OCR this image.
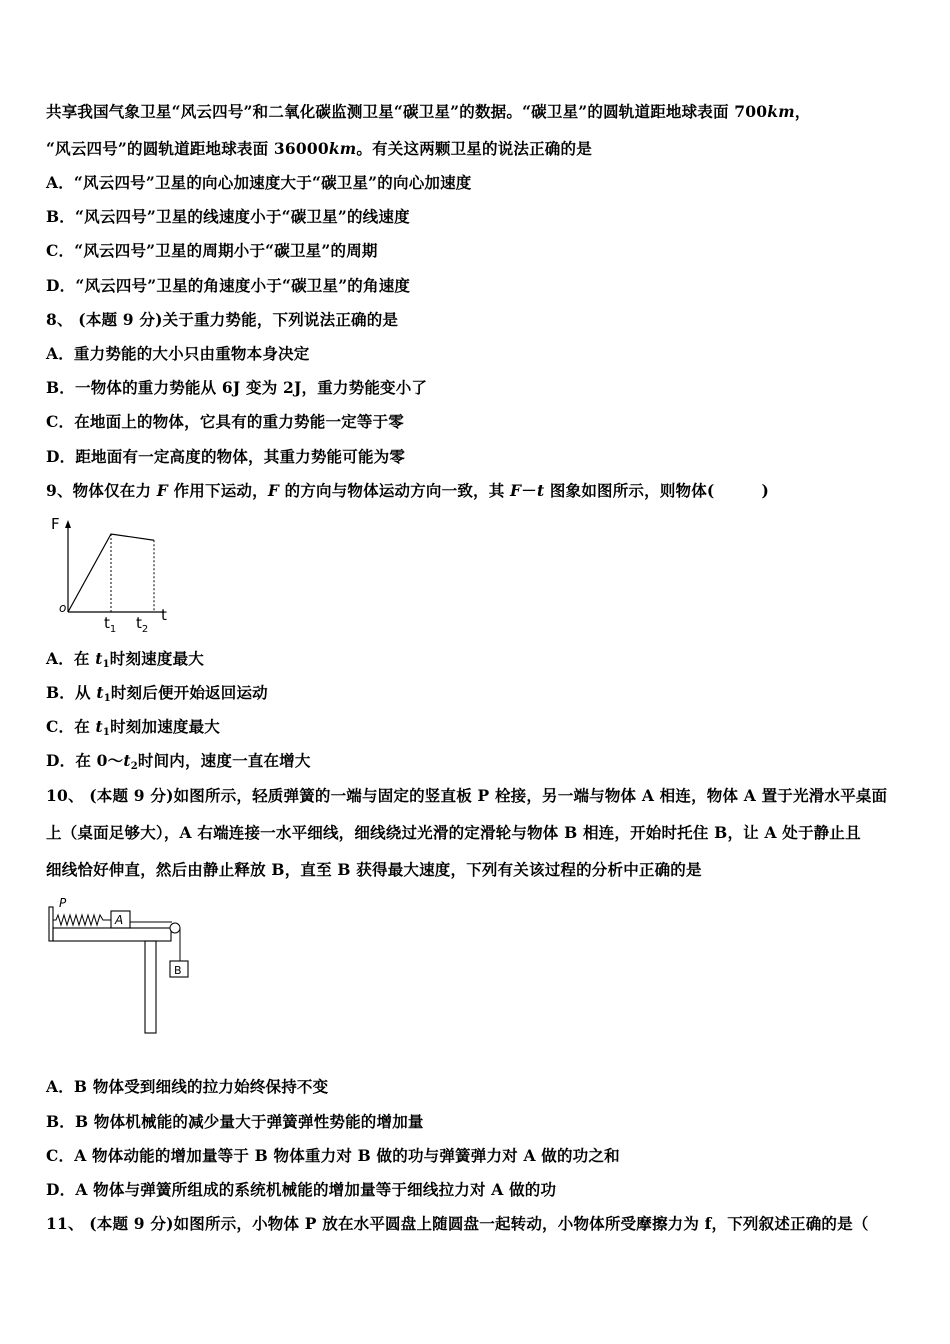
共享我国气象卫星“风云四号”和二氧化碳监测卫星“碳卫星”的数据。“碳卫星”的圆轨道距地球表面 700km，
“风云四号”的圆轨道距地球表面 36000km。有关这两颗卫星的说法正确的是
A．“风云四号”卫星的向心加速度大于“碳卫星”的向心加速度
B．“风云四号”卫星的线速度小于“碳卫星”的线速度
C．“风云四号”卫星的周期小于“碳卫星”的周期
D．“风云四号”卫星的角速度小于“碳卫星”的角速度
8、 (本题 9 分)关于重力势能，下列说法正确的是
A．重力势能的大小只由重物本身决定
B．一物体的重力势能从 6J 变为 2J，重力势能变小了
C．在地面上的物体，它具有的重力势能一定等于零
D．距地面有一定高度的物体，其重力势能可能为零
9、物体仅在力 F 作用下运动，F 的方向与物体运动方向一致，其 F－t 图象如图所示，则物体(　　　)
F
t
o
$t_1$ $t_2$
A．在 $t_1$时刻速度最大
B．从 $t_1$时刻后便开始返回运动
C．在 $t_1$时刻加速度最大
D．在 $0\sim t_2$时间内，速度一直在增大
10、 (本题 9 分)如图所示，轻质弹簧的一端与固定的竖直板 P 栓接，另一端与物体 A 相连，物体 A 置于光滑水平桌面
上（桌面足够大），A 右端连接一水平细线，细线绕过光滑的定滑轮与物体 B 相连，开始时托住 B，让 A 处于静止且
细线恰好伸直，然后由静止释放 B，直至 B 获得最大速度，下列有关该过程的分析中正确的是
P
A
B
A．B 物体受到细线的拉力始终保持不变
B．B 物体机械能的减少量大于弹簧弹性势能的增加量
C．A 物体动能的增加量等于 B 物体重力对 B 做的功与弹簧弹力对 A 做的功之和
D．A 物体与弹簧所组成的系统机械能的增加量等于细线拉力对 A 做的功
11、 (本题 9 分)如图所示，小物体 P 放在水平圆盘上随圆盘一起转动，小物体所受摩擦力为 f，下列叙述正确的是（
